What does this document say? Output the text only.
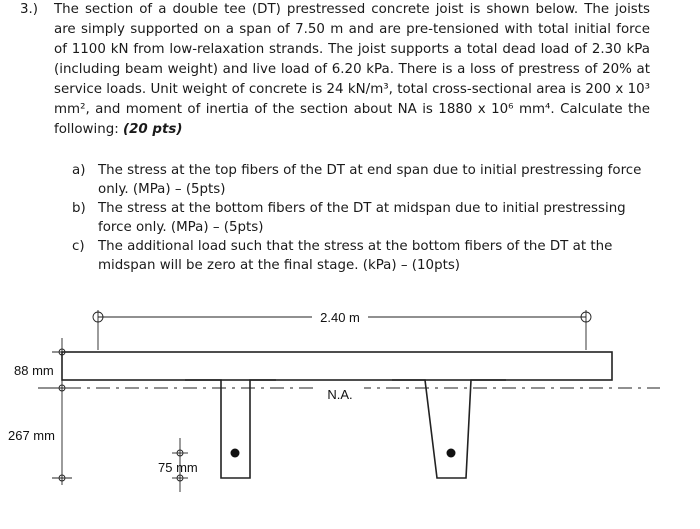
3.) The section of a double tee (DT) prestressed concrete joist is shown below. The joists are simply supported on a span of 7.50 m and are pre-tensioned with total initial force of 1100 kN from low-relaxation strands. The joist supports a total dead load of 2.30 kPa (including beam weight) and live load of 6.20 kPa. There is a loss of prestress of 20% at service loads. Unit weight of concrete is 24 kN/m³, total cross-sectional area is 200 x 10³ mm², and moment of inertia of the section about NA is 1880 x 10⁶ mm⁴. Calculate the following: (20 pts)
a) The stress at the top fibers of the DT at end span due to initial prestressing force only. (MPa) – (5pts)
b) The stress at the bottom fibers of the DT at midspan due to initial prestressing force only. (MPa) – (5pts)
c) The additional load such that the stress at the bottom fibers of the DT at the midspan will be zero at the final stage. (kPa) – (10pts)
2.40 m
N.A.
88 mm
267 mm
75 mm
